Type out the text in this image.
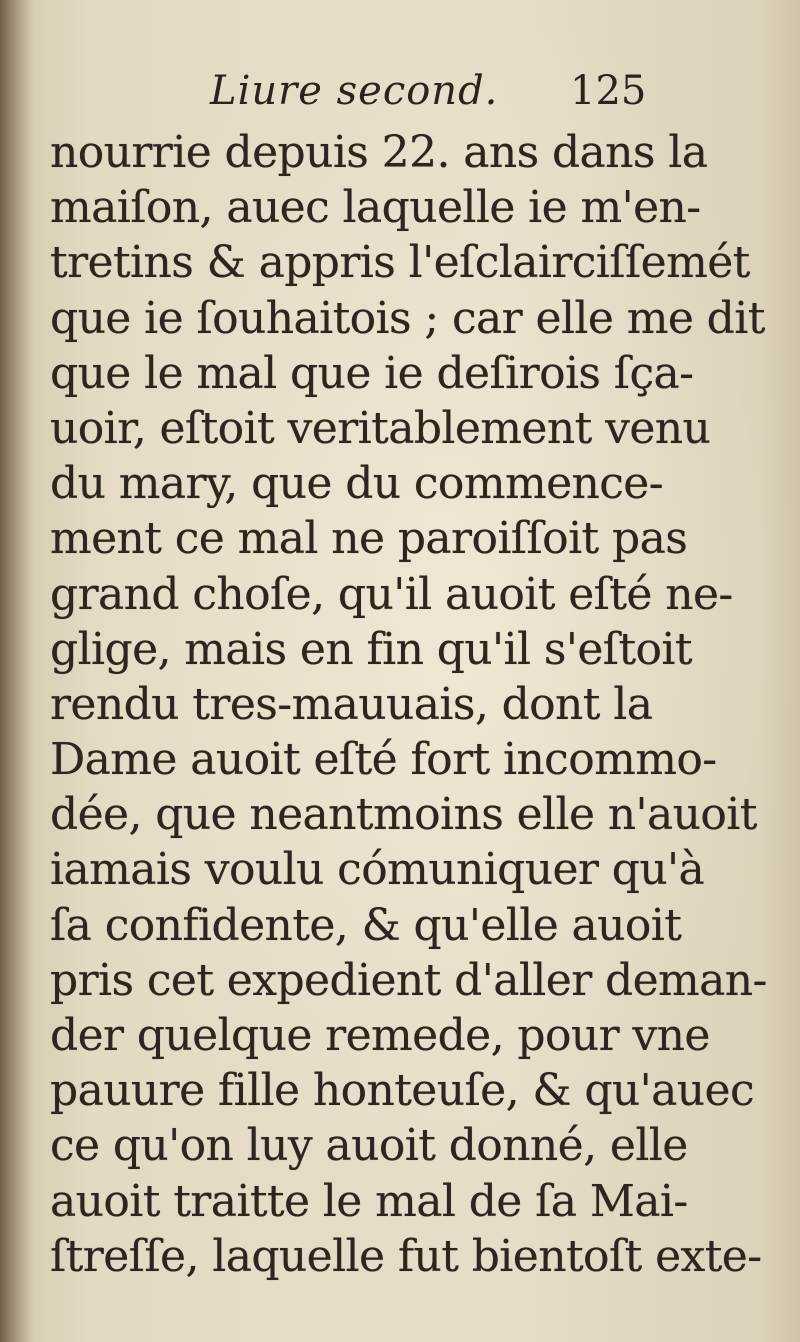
Liure second. 125
nourrie depuis 22. ans dans la
maiſon, auec laquelle ie m'en-
tretins & appris l'eſclairciſſemét
que ie ſouhaitois ; car elle me dit
que le mal que ie deſirois ſça-
uoir, eſtoit veritablement venu
du mary, que du commence-
ment ce mal ne paroiſſoit pas
grand choſe, qu'il auoit eſté ne-
glige, mais en fin qu'il s'eſtoit
rendu tres-mauuais, dont la
Dame auoit eſté fort incommo-
dée, que neantmoins elle n'auoit
iamais voulu cómuniquer qu'à
ſa confidente, & qu'elle auoit
pris cet expedient d'aller deman-
der quelque remede, pour vne
pauure fille honteuſe, & qu'auec
ce qu'on luy auoit donné, elle
auoit traitte le mal de ſa Mai-
ſtreſſe, laquelle fut bientoſt exte-
